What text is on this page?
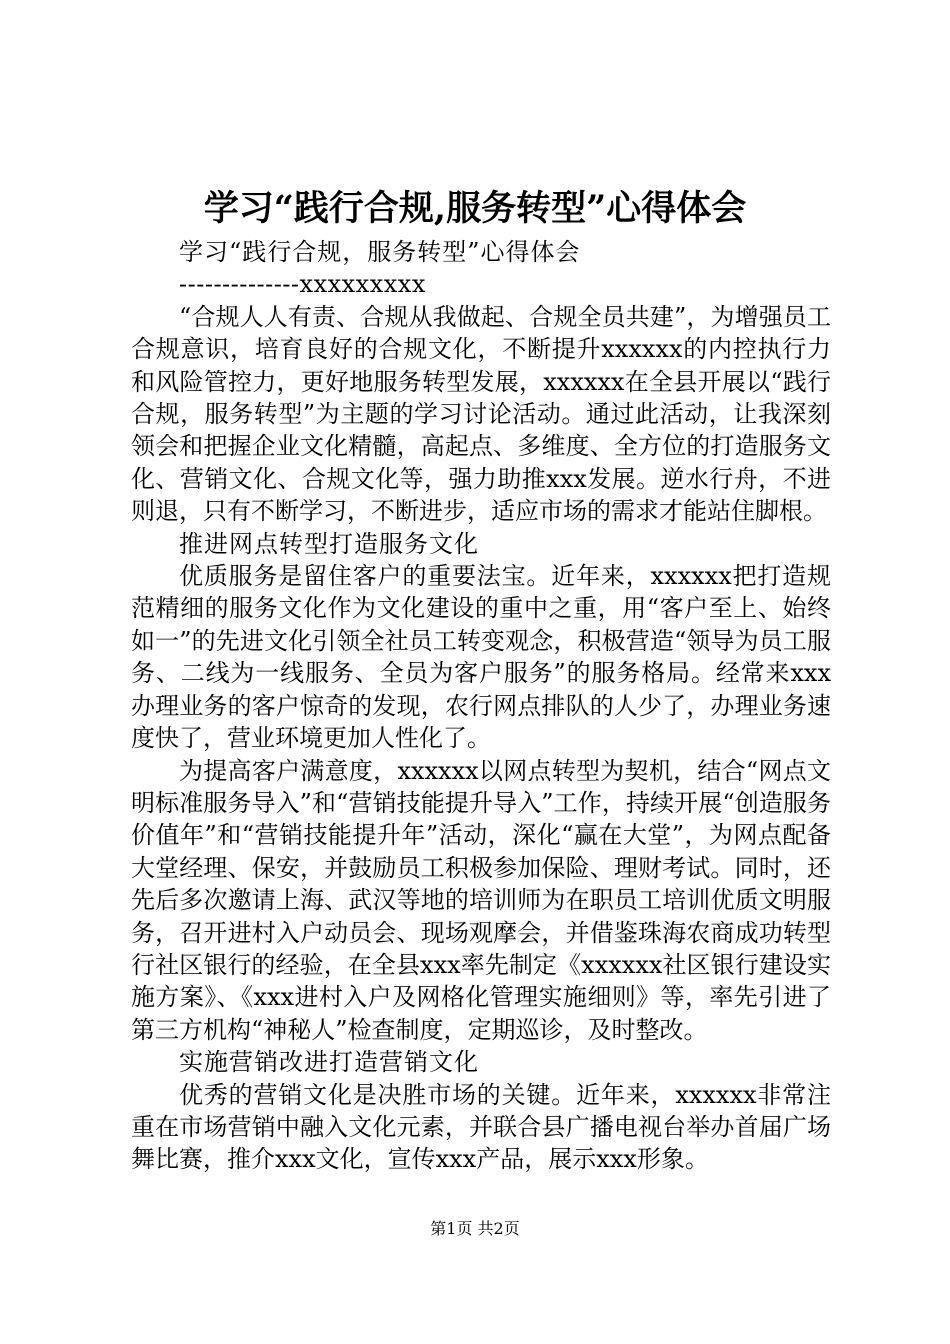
学习“践行合规,服务转型”心得体会

学习“践行合规，服务转型”心得体会

--------------xxxxxxxxx

“合规人人有责、合规从我做起、合规全员共建”，为增强员工合规意识，培育良好的合规文化，不断提升xxxxxx的内控执行力和风险管控力，更好地服务转型发展，xxxxxx在全县开展以“践行合规，服务转型”为主题的学习讨论活动。通过此活动，让我深刻领会和把握企业文化精髓，高起点、多维度、全方位的打造服务文化、营销文化、合规文化等，强力助推xxx发展。逆水行舟，不进则退，只有不断学习，不断进步，适应市场的需求才能站住脚根。

推进网点转型打造服务文化

优质服务是留住客户的重要法宝。近年来，xxxxxx把打造规范精细的服务文化作为文化建设的重中之重，用“客户至上、始终如一”的先进文化引领全社员工转变观念，积极营造“领导为员工服务、二线为一线服务、全员为客户服务”的服务格局。经常来xxx办理业务的客户惊奇的发现，农行网点排队的人少了，办理业务速度快了，营业环境更加人性化了。

为提高客户满意度，xxxxxx以网点转型为契机，结合“网点文明标准服务导入”和“营销技能提升导入”工作，持续开展“创造服务价值年”和“营销技能提升年”活动，深化“赢在大堂”，为网点配备大堂经理、保安，并鼓励员工积极参加保险、理财考试。同时，还先后多次邀请上海、武汉等地的培训师为在职员工培训优质文明服务，召开进村入户动员会、现场观摩会，并借鉴珠海农商成功转型行社区银行的经验，在全县xxx率先制定《xxxxxx社区银行建设实施方案》、《xxx进村入户及网格化管理实施细则》等，率先引进了第三方机构“神秘人”检查制度，定期巡诊，及时整改。

实施营销改进打造营销文化

优秀的营销文化是决胜市场的关键。近年来，xxxxxx非常注重在市场营销中融入文化元素，并联合县广播电视台举办首届广场舞比赛，推介xxx文化，宣传xxx产品，展示xxx形象。

第1页 共2页
